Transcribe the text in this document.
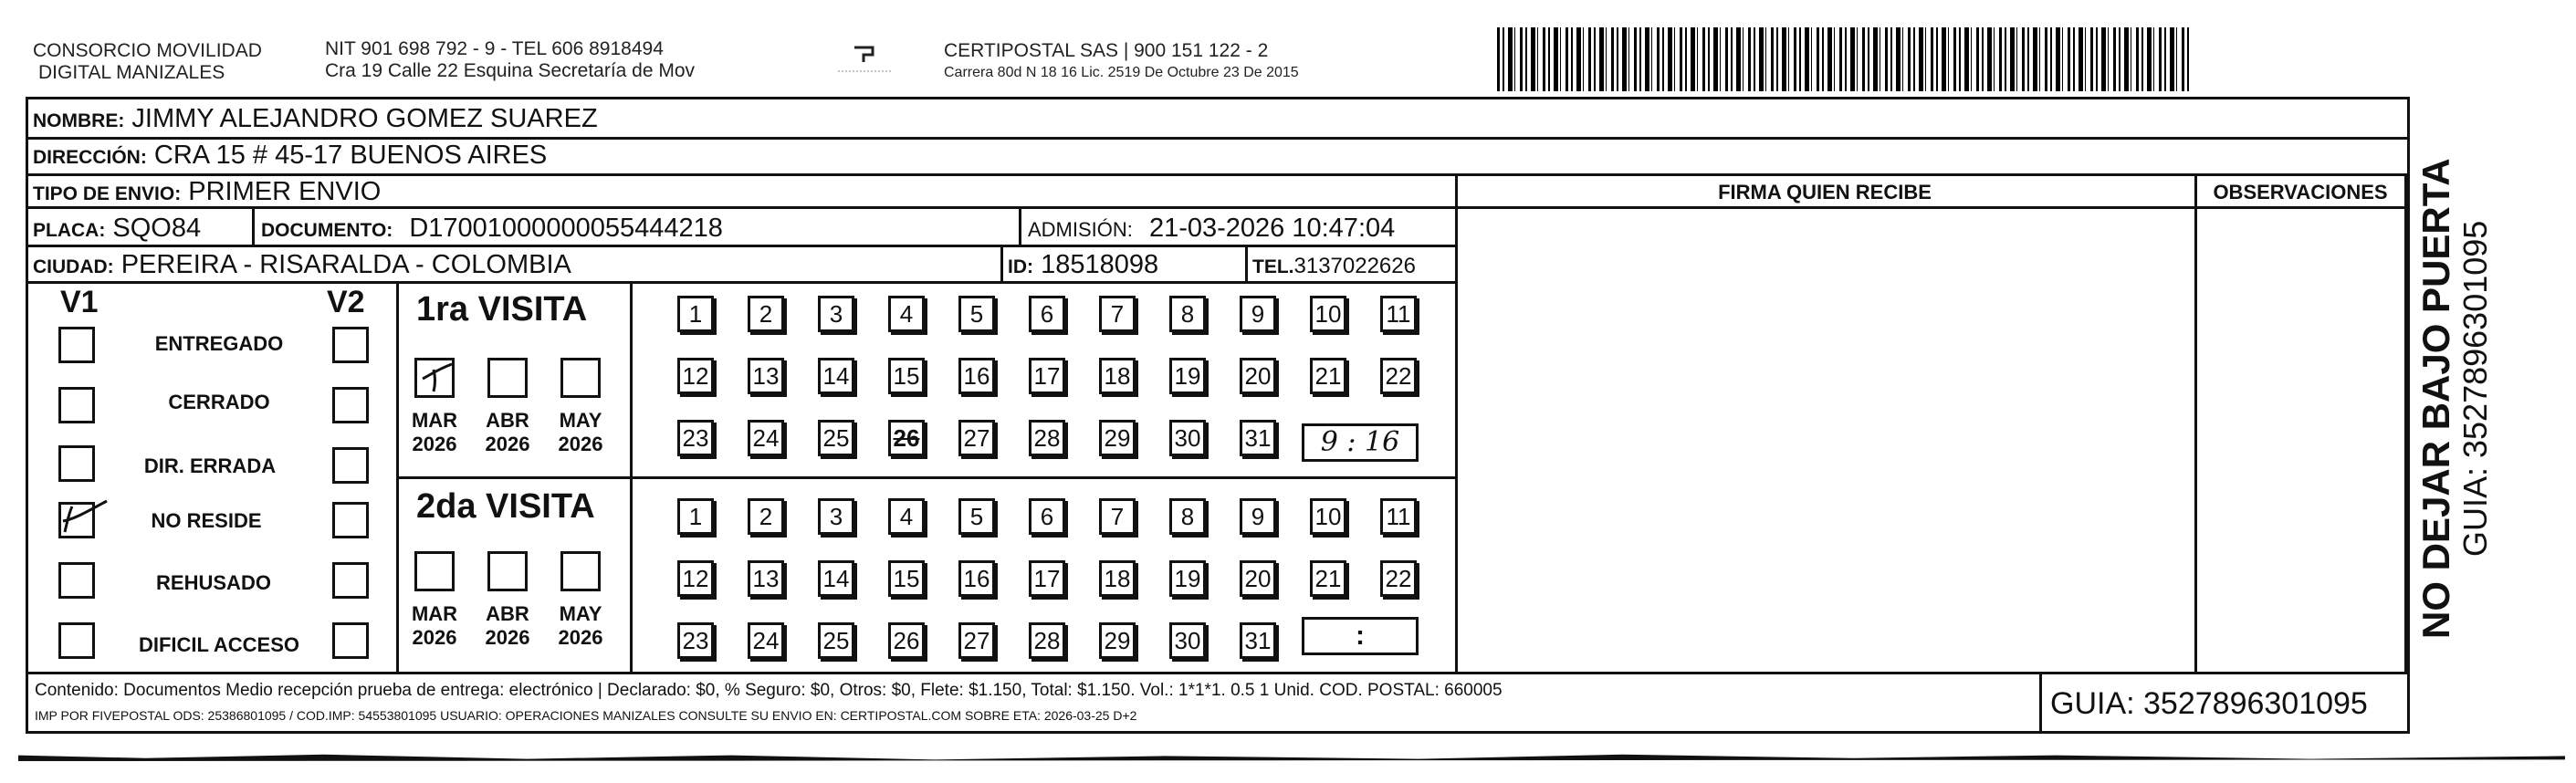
CONSORCIO MOVILIDAD
DIGITAL MANIZALES
NIT 901 698 792 - 9 - TEL 606 8918494
Cra 19 Calle 22 Esquina Secretaría de Mov
CERTIPOSTAL SAS | 900 151 122 - 2
Carrera 80d N 18 16 Lic. 2519 De Octubre 23 De 2015
NOMBRE: JIMMY ALEJANDRO GOMEZ SUAREZ
DIRECCIÓN: CRA 15 # 45-17 BUENOS AIRES
TIPO DE ENVIO: PRIMER ENVIO
PLACA: SQO84	DOCUMENTO: D17001000000055444218	ADMISIÓN: 21-03-2026 10:47:04
CIUDAD: PEREIRA - RISARALDA - COLOMBIA	ID: 18518098	TEL.3137022626
FIRMA QUIEN RECIBE	OBSERVACIONES
V1	V2
ENTREGADO
CERRADO
DIR. ERRADA
NO RESIDE
REHUSADO
DIFICIL ACCESO
1ra VISITA
MAR
2026
ABR
2026
MAY
2026
2da VISITA
MAR
2026
ABR
2026
MAY
2026
1	2	3	4	5	6	7	8	9	10 11
12 13 14 15 16 17 18 19 20 21 22
23 24 25 26 27 28 29 30 31
1	2	3	4	5	6	7	8	9	10 11
12 13 14 15 16 17 18 19 20 21 22
23 24 25 26 27 28 29 30 31
9 : 16
:
Contenido: Documentos Medio recepción prueba de entrega: electrónico | Declarado: $0, % Seguro: $0, Otros: $0, Flete: $1.150, Total: $1.150. Vol.: 1*1*1. 0.5 1 Unid. COD. POSTAL: 660005
IMP POR FIVEPOSTAL ODS: 25386801095 / COD.IMP: 54553801095 USUARIO: OPERACIONES MANIZALES CONSULTE SU ENVIO EN: CERTIPOSTAL.COM SOBRE ETA: 2026-03-25 D+2	GUIA: 3527896301095
NO DEJAR BAJO PUERTA GUIA: 3527896301095
